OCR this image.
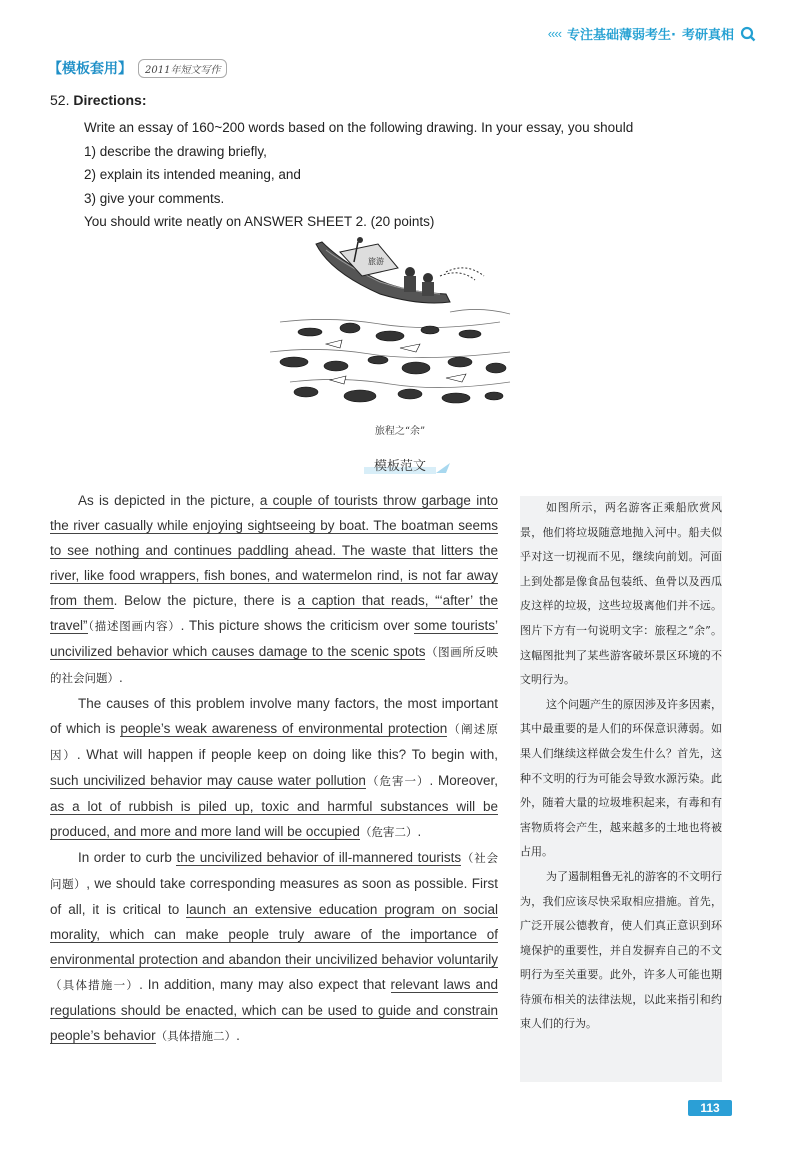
‹‹‹‹ 专注基础薄弱考生· 考研真相
【模板套用】	2011年短文写作
52. Directions:
Write an essay of 160~200 words based on the following drawing. In your essay, you should
1) describe the drawing briefly,
2) explain its intended meaning, and
3) give your comments.
You should write neatly on ANSWER SHEET 2. (20 points)
旅游
旅程之“余”
模板范文

As is depicted in the picture, a couple of tourists throw garbage into the river casually while enjoying sightseeing by boat. The boatman seems to see nothing and continues paddling ahead. The waste that litters the river, like food wrappers, fish bones, and watermelon rind, is not far away from them. Below the picture, there is a caption that reads, “‘after’ the travel”（描述图画内容）. This picture shows the criticism over some tourists’ uncivilized behavior which causes damage to the scenic spots（图画所反映的社会问题）.

The causes of this problem involve many factors, the most important of which is people’s weak awareness of environmental protection（阐述原因）. What will happen if people keep on doing like this? To begin with, such uncivilized behavior may cause water pollution（危害一）. Moreover, as a lot of rubbish is piled up, toxic and harmful substances will be produced, and more and more land will be occupied（危害二）.

In order to curb the uncivilized behavior of ill-mannered tourists（社会问题）, we should take corresponding measures as soon as possible. First of all, it is critical to launch an extensive education program on social morality, which can make people truly aware of the importance of environmental protection and abandon their uncivilized behavior voluntarily（具体措施一）. In addition, many may also expect that relevant laws and regulations should be enacted, which can be used to guide and constrain people’s behavior（具体措施二）.

如图所示，两名游客正乘船欣赏风景，他们将垃圾随意地抛入河中。船夫似乎对这一切视而不见，继续向前划。河面上到处都是像食品包装纸、鱼骨以及西瓜皮这样的垃圾，这些垃圾离他们并不远。图片下方有一句说明文字：旅程之“余”。这幅图批判了某些游客破坏景区环境的不文明行为。

这个问题产生的原因涉及许多因素，其中最重要的是人们的环保意识薄弱。如果人们继续这样做会发生什么？首先，这种不文明的行为可能会导致水源污染。此外，随着大量的垃圾堆积起来，有毒和有害物质将会产生，越来越多的土地也将被占用。

为了遏制粗鲁无礼的游客的不文明行为，我们应该尽快采取相应措施。首先，广泛开展公德教育，使人们真正意识到环境保护的重要性，并自发摒弃自己的不文明行为至关重要。此外，许多人可能也期待颁布相关的法律法规，以此来指引和约束人们的行为。

113
